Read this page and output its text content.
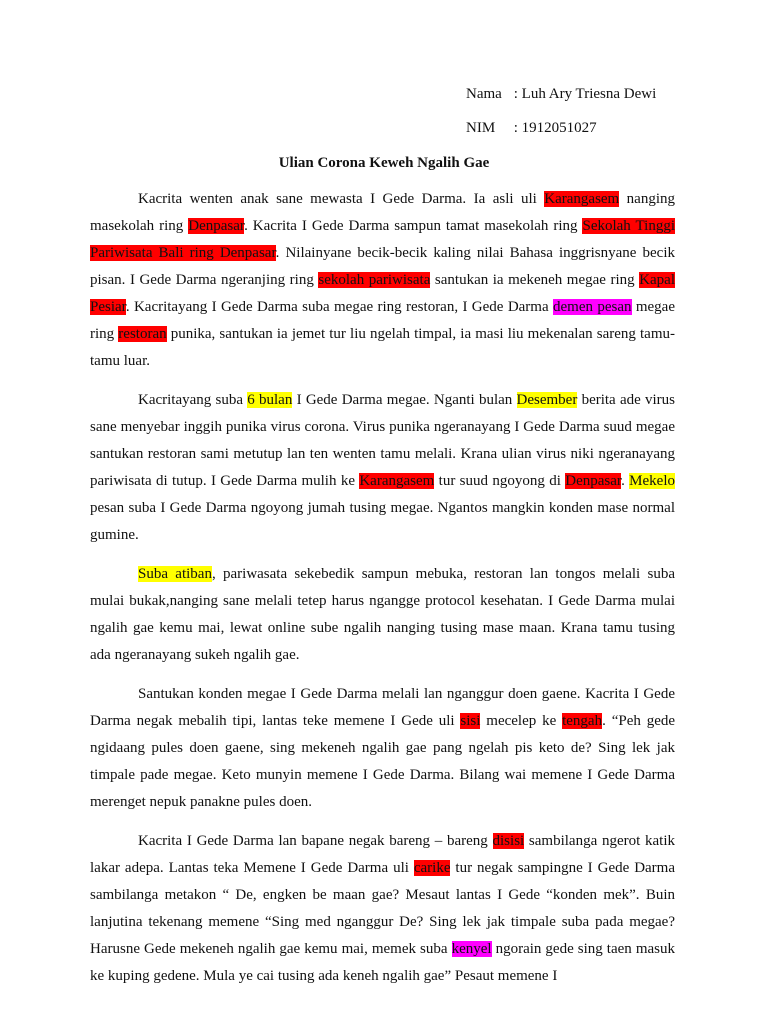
Nama : Luh Ary Triesna Dewi
NIM : 1912051027
Ulian Corona Keweh Ngalih Gae

Kacrita wenten anak sane mewasta I Gede Darma. Ia asli uli Karangasem nanging masekolah ring Denpasar. Kacrita I Gede Darma sampun tamat masekolah ring Sekolah Tinggi Pariwisata Bali ring Denpasar. Nilainyane becik-becik kaling nilai Bahasa inggrisnyane becik pisan. I Gede Darma ngeranjing ring sekolah pariwisata santukan ia mekeneh megae ring Kapal Pesiar. Kacritayang I Gede Darma suba megae ring restoran, I Gede Darma demen pesan megae ring restoran punika, santukan ia jemet tur liu ngelah timpal, ia masi liu mekenalan sareng tamu-tamu luar.

Kacritayang suba 6 bulan I Gede Darma megae. Nganti bulan Desember berita ade virus sane menyebar inggih punika virus corona. Virus punika ngeranayang I Gede Darma suud megae santukan restoran sami metutup lan ten wenten tamu melali. Krana ulian virus niki ngeranayang pariwisata di tutup. I Gede Darma mulih ke Karangasem tur suud ngoyong di Denpasar. Mekelo pesan suba I Gede Darma ngoyong jumah tusing megae. Ngantos mangkin konden mase normal gumine.

Suba atiban, pariwasata sekebedik sampun mebuka, restoran lan tongos melali suba mulai bukak,nanging sane melali tetep harus ngangge protocol kesehatan. I Gede Darma mulai ngalih gae kemu mai, lewat online sube ngalih nanging tusing mase maan. Krana tamu tusing ada ngeranayang sukeh ngalih gae.

Santukan konden megae I Gede Darma melali lan nganggur doen gaene. Kacrita I Gede Darma negak mebalih tipi, lantas teke memene I Gede uli sisi mecelep ke tengah. “Peh gede ngidaang pules doen gaene, sing mekeneh ngalih gae pang ngelah pis keto de? Sing lek jak timpale pade megae. Keto munyin memene I Gede Darma. Bilang wai memene I Gede Darma merenget nepuk panakne pules doen.

Kacrita I Gede Darma lan bapane negak bareng – bareng disisi sambilanga ngerot katik lakar adepa. Lantas teka Memene I Gede Darma uli carike tur negak sampingne I Gede Darma sambilanga metakon “ De, engken be maan gae? Mesaut lantas I Gede “konden mek”. Buin lanjutina tekenang memene “Sing med nganggur De? Sing lek jak timpale suba pada megae? Harusne Gede mekeneh ngalih gae kemu mai, memek suba kenyel ngorain gede sing taen masuk ke kuping gedene. Mula ye cai tusing ada keneh ngalih gae” Pesaut memene I
